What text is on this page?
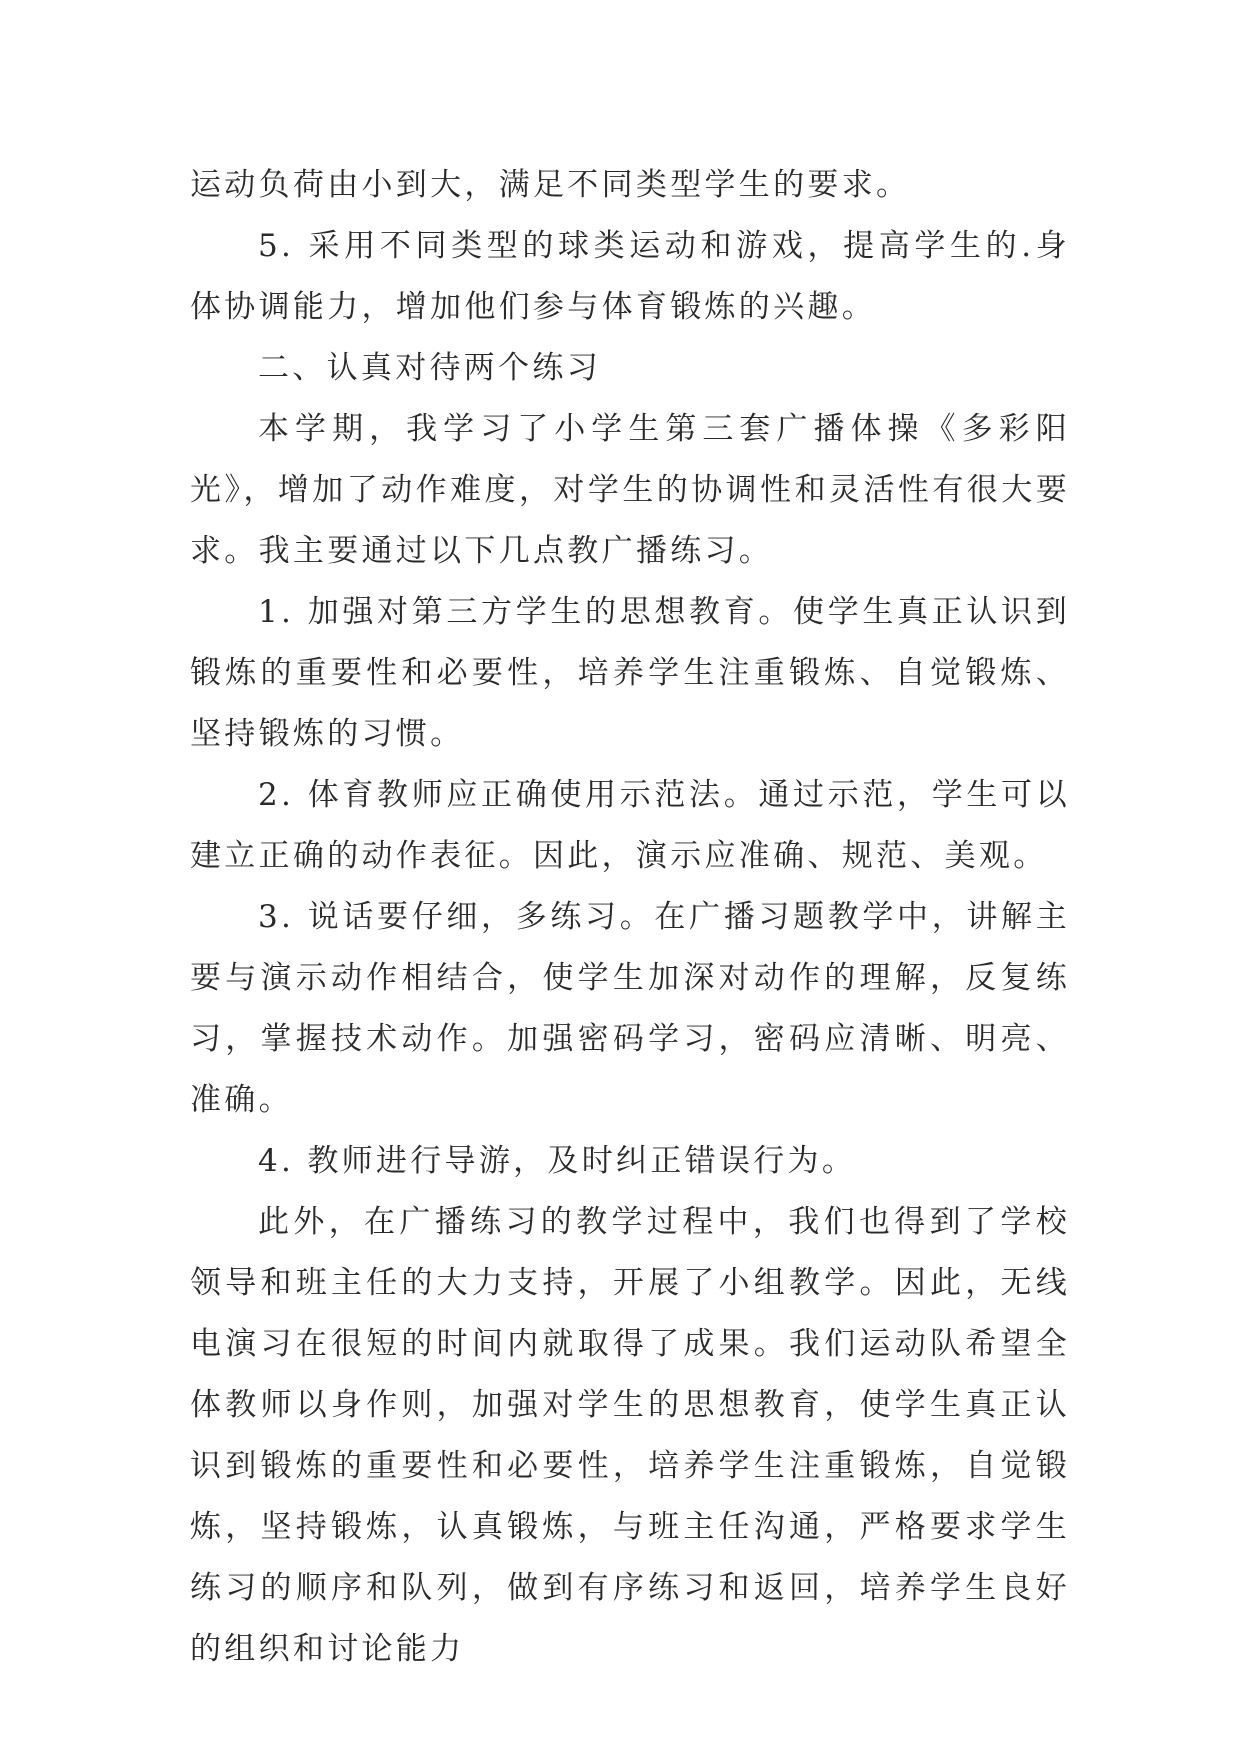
运动负荷由小到大，满足不同类型学生的要求。

5. 采用不同类型的球类运动和游戏，提高学生的.身体协调能力，增加他们参与体育锻炼的兴趣。

二、认真对待两个练习

本学期，我学习了小学生第三套广播体操《多彩阳光》，增加了动作难度，对学生的协调性和灵活性有很大要求。我主要通过以下几点教广播练习。

1. 加强对第三方学生的思想教育。使学生真正认识到锻炼的重要性和必要性，培养学生注重锻炼、自觉锻炼、坚持锻炼的习惯。

2. 体育教师应正确使用示范法。通过示范，学生可以建立正确的动作表征。因此，演示应准确、规范、美观。

3. 说话要仔细，多练习。在广播习题教学中，讲解主要与演示动作相结合，使学生加深对动作的理解，反复练习，掌握技术动作。加强密码学习，密码应清晰、明亮、准确。

4. 教师进行导游，及时纠正错误行为。

此外，在广播练习的教学过程中，我们也得到了学校领导和班主任的大力支持，开展了小组教学。因此，无线电演习在很短的时间内就取得了成果。我们运动队希望全体教师以身作则，加强对学生的思想教育，使学生真正认识到锻炼的重要性和必要性，培养学生注重锻炼，自觉锻炼，坚持锻炼，认真锻炼，与班主任沟通，严格要求学生练习的顺序和队列，做到有序练习和返回，培养学生良好的组织和讨论能力
